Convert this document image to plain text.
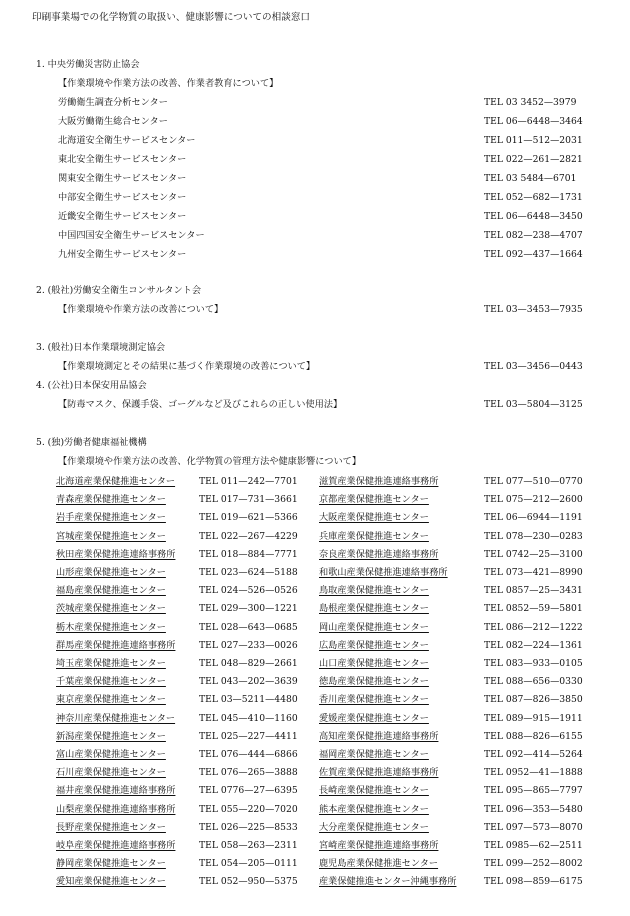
印刷事業場での化学物質の取扱い、健康影響についての相談窓口
1. 中央労働災害防止協会
【作業環境や作業方法の改善、作業者教育について】
労働衛生調査分析センター	TEL 03 3452—3979
大阪労働衛生総合センター	TEL 06—6448—3464
北海道安全衛生サービスセンター	TEL 011—512—2031
東北安全衛生サービスセンター	TEL 022—261—2821
関東安全衛生サービスセンター	TEL 03 5484—6701
中部安全衛生サービスセンター	TEL 052—682—1731
近畿安全衛生サービスセンター	TEL 06—6448—3450
中国四国安全衛生サービスセンター	TEL 082—238—4707
九州安全衛生サービスセンター	TEL 092—437—1664
2. (般社)労働安全衛生コンサルタント会
【作業環境や作業方法の改善について】	TEL 03—3453—7935
3. (般社)日本作業環境測定協会
【作業環境測定とその結果に基づく作業環境の改善について】	TEL 03—3456—0443
4. (公社)日本保安用品協会
【防毒マスク、保護手袋、ゴーグルなど及びこれらの正しい使用法】	TEL 03—5804—3125
5. (独)労働者健康福祉機構
【作業環境や作業方法の改善、化学物質の管理方法や健康影響について】
北海道産業保健推進センター	TEL 011—242—7701 滋賀産業保健推進連絡事務所	TEL 077—510—0770
青森産業保健推進センター	TEL 017—731—3661 京都産業保健推進センター	TEL 075—212—2600
岩手産業保健推進センター	TEL 019—621—5366 大阪産業保健推進センター	TEL 06—6944—1191
宮城産業保健推進センター	TEL 022—267—4229 兵庫産業保健推進センター	TEL 078—230—0283
秋田産業保健推進連絡事務所	TEL 018—884—7771 奈良産業保健推進連絡事務所	TEL 0742—25—3100
山形産業保健推進センター	TEL 023—624—5188 和歌山産業保健推進連絡事務所	TEL 073—421—8990
福島産業保健推進センター	TEL 024—526—0526 鳥取産業保健推進センター	TEL 0857—25—3431
茨城産業保健推進センター	TEL 029—300—1221 島根産業保健推進センター	TEL 0852—59—5801
栃木産業保健推進センター	TEL 028—643—0685 岡山産業保健推進センター	TEL 086—212—1222
群馬産業保健推進連絡事務所	TEL 027—233—0026 広島産業保健推進センター	TEL 082—224—1361
埼玉産業保健推進センター	TEL 048—829—2661 山口産業保健推進センター	TEL 083—933—0105
千葉産業保健推進センター	TEL 043—202—3639 徳島産業保健推進センター	TEL 088—656—0330
東京産業保健推進センター	TEL 03—5211—4480 香川産業保健推進センター	TEL 087—826—3850
神奈川産業保健推進センター	TEL 045—410—1160 愛媛産業保健推進センター	TEL 089—915—1911
新潟産業保健推進センター	TEL 025—227—4411 高知産業保健推進連絡事務所	TEL 088—826—6155
富山産業保健推進センター	TEL 076—444—6866 福岡産業保健推進センター	TEL 092—414—5264
石川産業保健推進センター	TEL 076—265—3888 佐賀産業保健推進連絡事務所	TEL 0952—41—1888
福井産業保健推進連絡事務所	TEL 0776—27—6395 長崎産業保健推進センター	TEL 095—865—7797
山梨産業保健推進連絡事務所	TEL 055—220—7020 熊本産業保健推進センター	TEL 096—353—5480
長野産業保健推進センター	TEL 026—225—8533 大分産業保健推進センター	TEL 097—573—8070
岐阜産業保健推進連絡事務所	TEL 058—263—2311 宮崎産業保健推進連絡事務所	TEL 0985—62—2511
静岡産業保健推進センター	TEL 054—205—0111 鹿児島産業保健推進センター	TEL 099—252—8002
愛知産業保健推進センター	TEL 052—950—5375 産業保健推進センター沖縄事務所	TEL 098—859—6175
